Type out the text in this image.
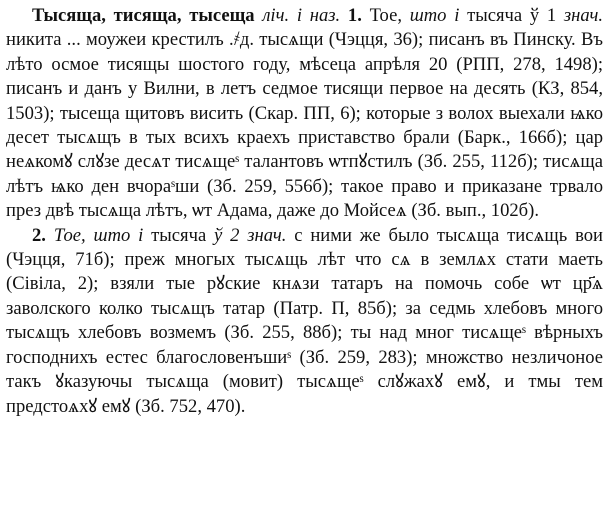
Тысяща, тисяща, тысеща ліч. і наз. 1. Тое, што і тысяча ў 1 знач. никита ... моужеи крестилъ .҂д. тысѧщи (Чэцця, 36); писанъ въ Пинску. Въ лѣто осмое тисящы шостого году, мѣсеца апрѣля 20 (РПП, 278, 1498); писанъ и данъ у Вилни, в летъ седмое тисящи первое на десять (КЗ, 854, 1503); тысеща щитовъ висить (Скар. ПП, 6); которые з волох выехали ѩко десет тысѧщъ в тых всихъ краехъ приставство брали (Барк., 166б); цар неѧкомꙋ слꙋзе десѧт тисѧщеˢ талантовъ ѡтпꙋстилъ (Зб. 255, 112б); тисѧща лѣтъ ѩко ден вчораˢши (Зб. 259, 556б); такое право и приказане трвало през двѣ тысѧща лѣтъ, ѡт Адама, даже до Мойсеѧ (Зб. вып., 102б).

2. Тое, што і тысяча ў 2 знач. с ними же было тысѧща тисѧщь вои (Чэцця, 71б); преж многых тысѧщь лѣт что сѧ в землѧх стати маеть (Сівіла, 2); взяли тые рꙋские кнѧзи татаръ на помочь собе ѡт цр҃ѧ заволского колко тысѧщъ татар (Патр. П, 85б); за седмь хлебовъ много тысѧщъ хлебовъ возмемъ (Зб. 255, 88б); ты над мног тисѧщеˢ вѣрныхъ господнихъ естес благословенъшиˢ (Зб. 259, 283); множство незличоное такъ ꙋказуючы тысѧща (мовит) тысѧщеˢ слꙋжахꙋ емꙋ, и тмы тем предстоѧхꙋ емꙋ (Зб. 752, 470).
